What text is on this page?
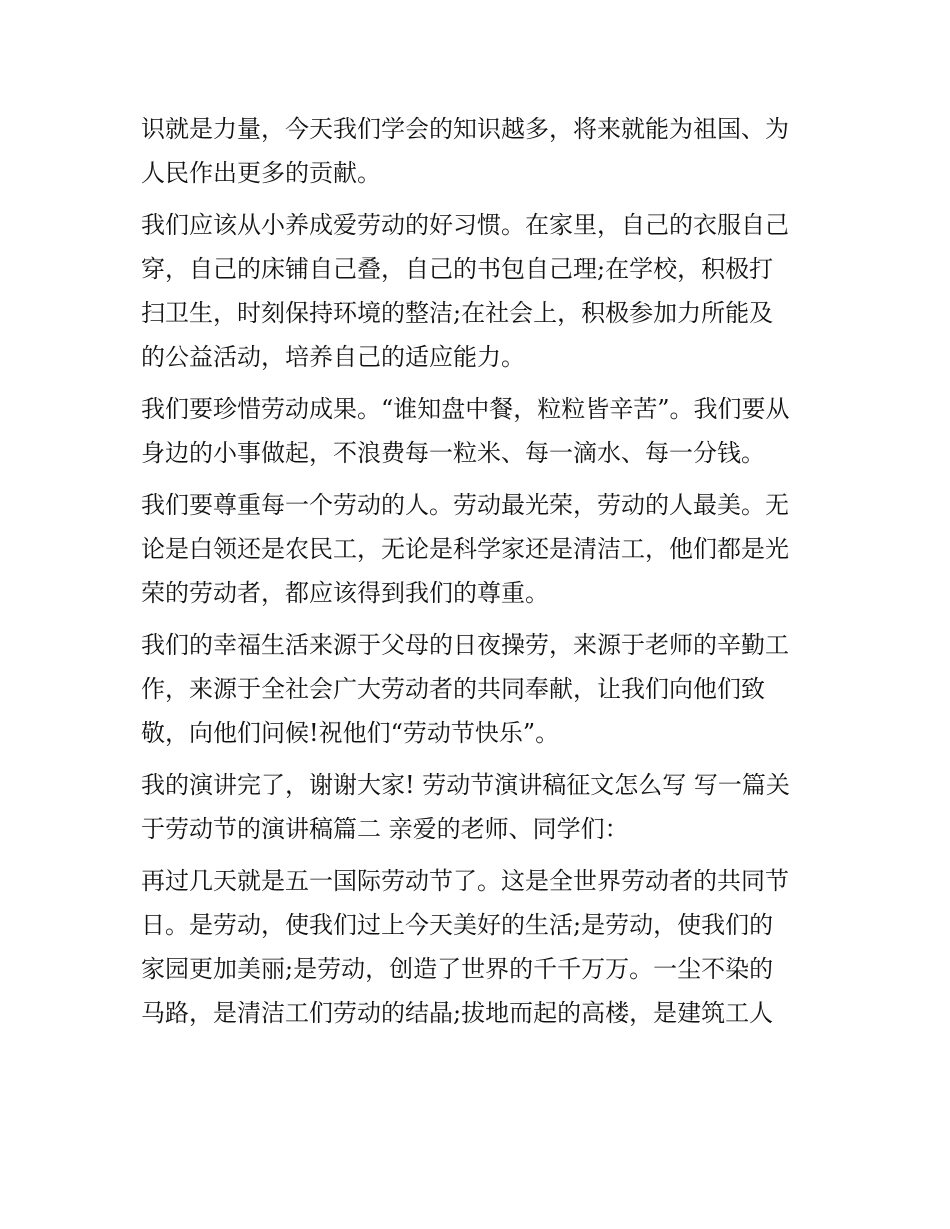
识就是力量，今天我们学会的知识越多，将来就能为祖国、为
人民作出更多的贡献。
我们应该从小养成爱劳动的好习惯。在家里，自己的衣服自己
穿，自己的床铺自己叠，自己的书包自己理;在学校，积极打
扫卫生，时刻保持环境的整洁;在社会上，积极参加力所能及
的公益活动，培养自己的适应能力。
我们要珍惜劳动成果。“谁知盘中餐，粒粒皆辛苦”。我们要从
身边的小事做起，不浪费每一粒米、每一滴水、每一分钱。
我们要尊重每一个劳动的人。劳动最光荣，劳动的人最美。无
论是白领还是农民工，无论是科学家还是清洁工，他们都是光
荣的劳动者，都应该得到我们的尊重。
我们的幸福生活来源于父母的日夜操劳，来源于老师的辛勤工
作，来源于全社会广大劳动者的共同奉献，让我们向他们致
敬，向他们问候!祝他们“劳动节快乐”。
我的演讲完了，谢谢大家! 劳动节演讲稿征文怎么写 写一篇关
于劳动节的演讲稿篇二 亲爱的老师、同学们：
再过几天就是五一国际劳动节了。这是全世界劳动者的共同节
日。是劳动，使我们过上今天美好的生活;是劳动，使我们的
家园更加美丽;是劳动，创造了世界的千千万万。一尘不染的
马路，是清洁工们劳动的结晶;拔地而起的高楼，是建筑工人
